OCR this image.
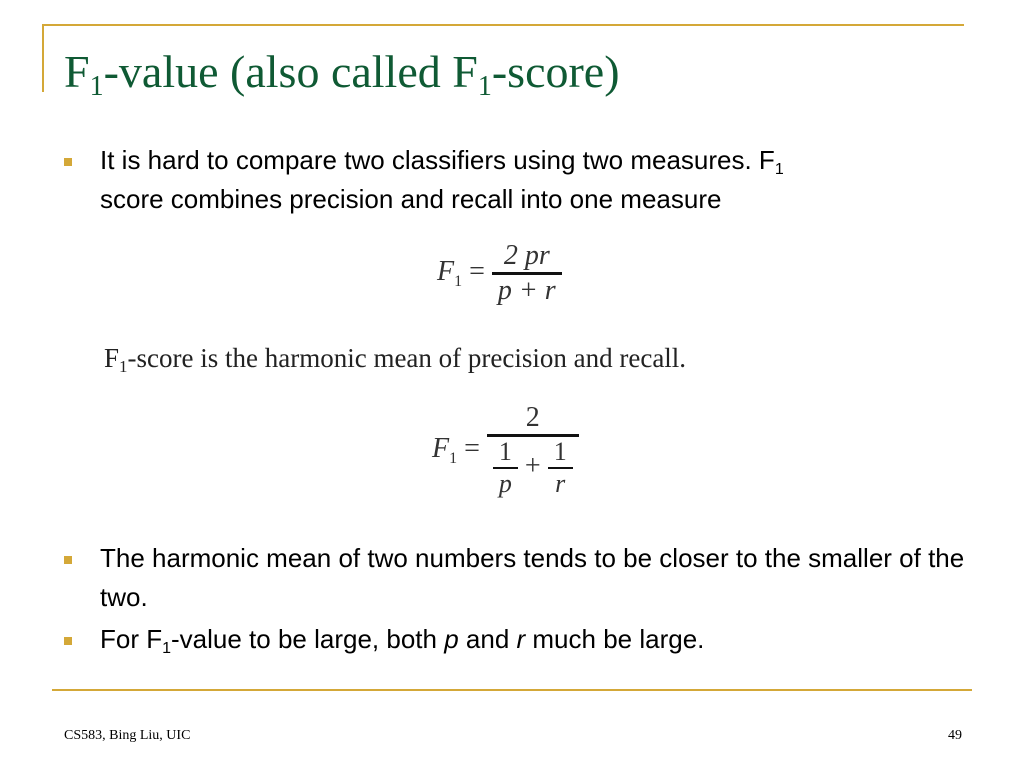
$F_1$-value (also called $F_1-score$)

It is hard to compare two classifiers using two measures. $F_1$
score combines precision and recall into one measure

$F_1 = \frac{2 pr}{p + r}$

$F_1$-score is the harmonic mean of precision and recall.

$F_1$ =
2
$\frac{1}{p} + \frac{1}{r}$

The harmonic mean of two numbers tends to be closer to the smaller of the two.

For $F_1$-value to be large, both p and r much be large.

CS583, Bing Liu, UIC	49
